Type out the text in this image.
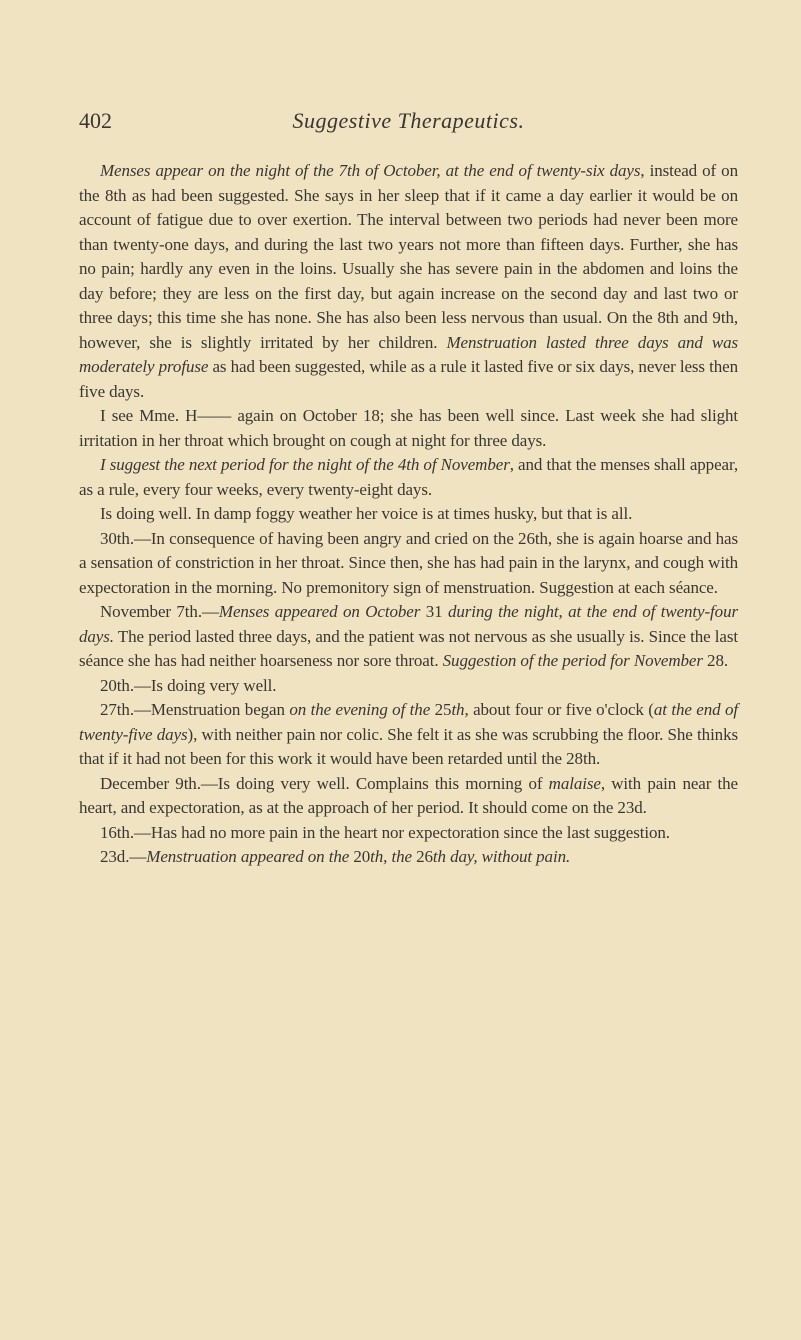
402	Suggestive Therapeutics.

Menses appear on the night of the 7th of October, at the end of twenty-six days, instead of on the 8th as had been suggested. She says in her sleep that if it came a day earlier it would be on account of fatigue due to over exertion. The interval between two periods had never been more than twenty-one days, and during the last two years not more than fifteen days. Further, she has no pain; hardly any even in the loins. Usually she has severe pain in the abdomen and loins the day before; they are less on the first day, but again increase on the second day and last two or three days; this time she has none. She has also been less nervous than usual. On the 8th and 9th, however, she is slightly irritated by her children. Menstruation lasted three days and was moderately profuse as had been suggested, while as a rule it lasted five or six days, never less then five days.

I see Mme. H—— again on October 18; she has been well since. Last week she had slight irritation in her throat which brought on cough at night for three days.

I suggest the next period for the night of the 4th of November, and that the menses shall appear, as a rule, every four weeks, every twenty-eight days.

Is doing well. In damp foggy weather her voice is at times husky, but that is all.

30th.—In consequence of having been angry and cried on the 26th, she is again hoarse and has a sensation of constriction in her throat. Since then, she has had pain in the larynx, and cough with expectoration in the morning. No premonitory sign of menstruation. Suggestion at each séance.

November 7th.—Menses appeared on October 31 during the night, at the end of twenty-four days. The period lasted three days, and the patient was not nervous as she usually is. Since the last séance she has had neither hoarseness nor sore throat. Suggestion of the period for November 28.

20th.—Is doing very well.

27th.—Menstruation began on the evening of the 25th, about four or five o'clock (at the end of twenty-five days), with neither pain nor colic. She felt it as she was scrubbing the floor. She thinks that if it had not been for this work it would have been retarded until the 28th.

December 9th.—Is doing very well. Complains this morning of malaise, with pain near the heart, and expectoration, as at the approach of her period. It should come on the 23d.

16th.—Has had no more pain in the heart nor expectoration since the last suggestion.

23d.—Menstruation appeared on the 20th, the 26th day, without pain.
